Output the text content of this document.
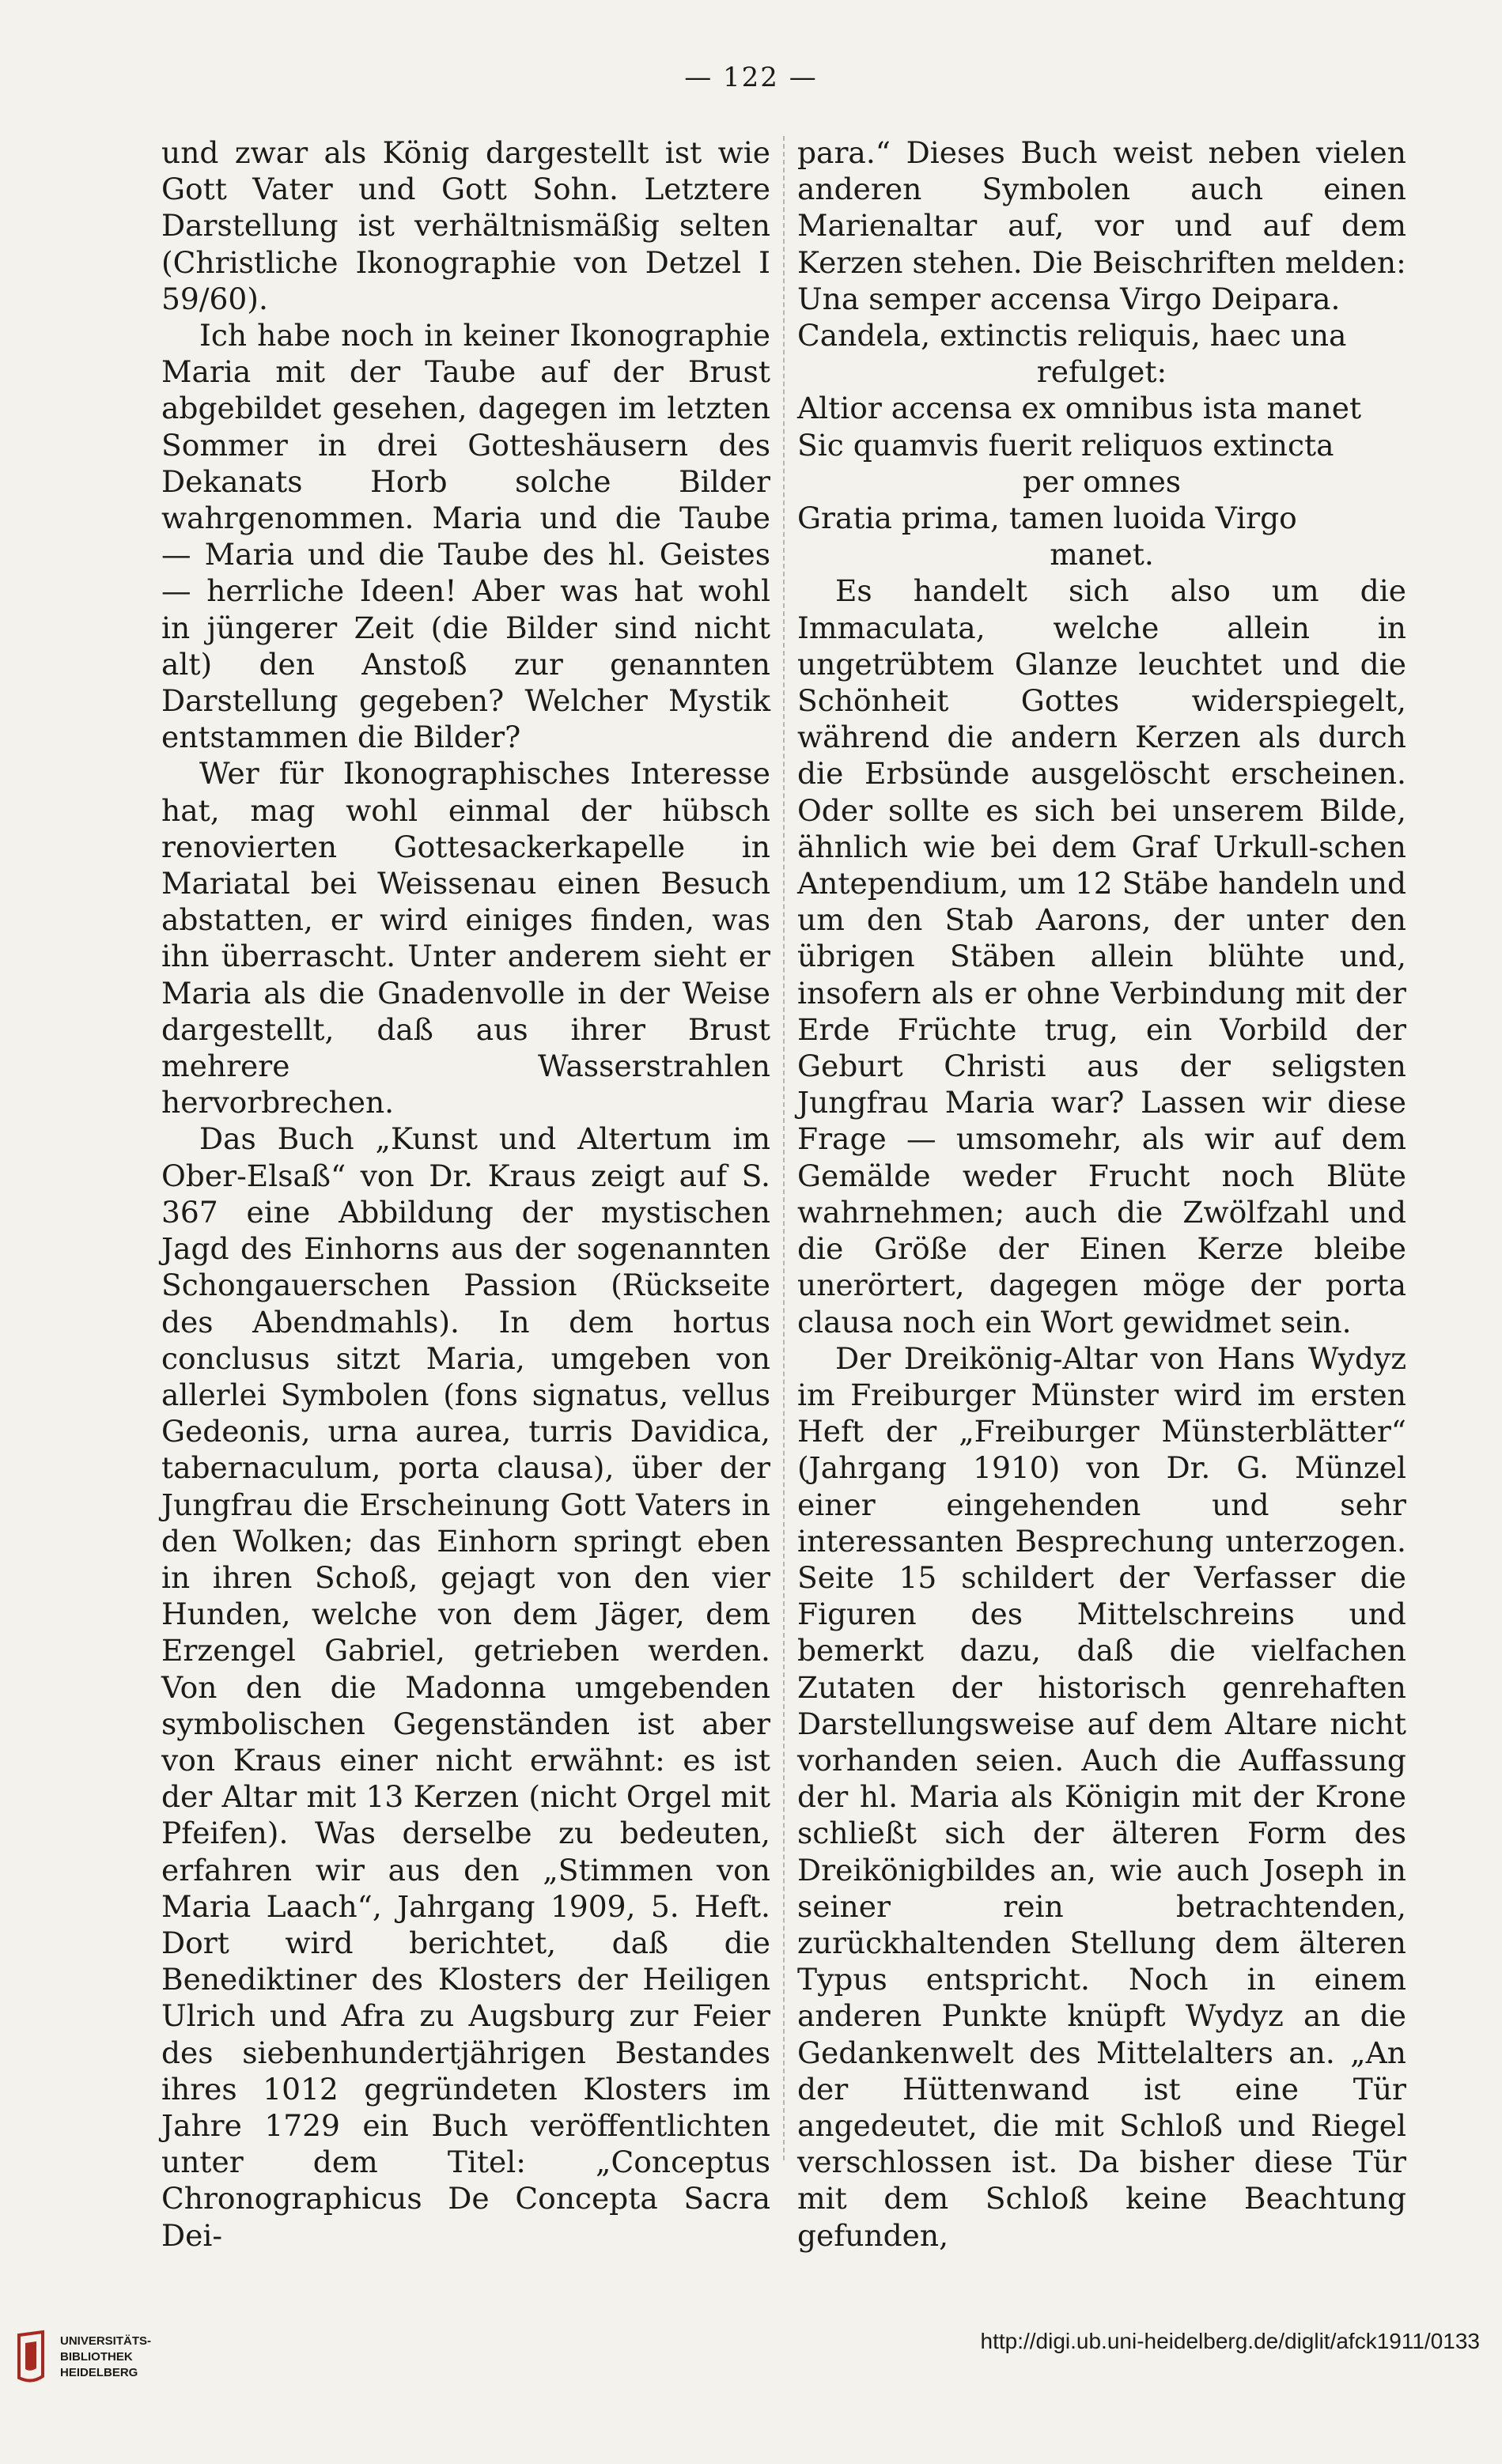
— 122 —

und zwar als König dargestellt ist wie Gott Vater und Gott Sohn. Letztere Darstellung ist verhältnismäßig selten (Christliche Ikonographie von Detzel I 59/60).

Ich habe noch in keiner Ikonographie Maria mit der Taube auf der Brust abgebildet gesehen, dagegen im letzten Sommer in drei Gotteshäusern des Dekanats Horb solche Bilder wahrgenommen. Maria und die Taube — Maria und die Taube des hl. Geistes — herrliche Ideen! Aber was hat wohl in jüngerer Zeit (die Bilder sind nicht alt) den Anstoß zur genannten Darstellung gegeben? Welcher Mystik entstammen die Bilder?

Wer für Ikonographisches Interesse hat, mag wohl einmal der hübsch renovierten Gottesackerkapelle in Mariatal bei Weissenau einen Besuch abstatten, er wird einiges finden, was ihn überrascht. Unter anderem sieht er Maria als die Gnadenvolle in der Weise dargestellt, daß aus ihrer Brust mehrere Wasserstrahlen hervorbrechen.

Das Buch „Kunst und Altertum im Ober-Elsaß“ von Dr. Kraus zeigt auf S. 367 eine Abbildung der mystischen Jagd des Einhorns aus der sogenannten Schongauerschen Passion (Rückseite des Abendmahls). In dem hortus conclusus sitzt Maria, umgeben von allerlei Symbolen (fons signatus, vellus Gedeonis, urna aurea, turris Davidica, tabernaculum, porta clausa), über der Jungfrau die Erscheinung Gott Vaters in den Wolken; das Einhorn springt eben in ihren Schoß, gejagt von den vier Hunden, welche von dem Jäger, dem Erzengel Gabriel, getrieben werden. Von den die Madonna umgebenden symbolischen Gegenständen ist aber von Kraus einer nicht erwähnt: es ist der Altar mit 13 Kerzen (nicht Orgel mit Pfeifen). Was derselbe zu bedeuten, erfahren wir aus den „Stimmen von Maria Laach“, Jahrgang 1909, 5. Heft. Dort wird berichtet, daß die Benediktiner des Klosters der Heiligen Ulrich und Afra zu Augsburg zur Feier des siebenhundertjährigen Bestandes ihres 1012 gegründeten Klosters im Jahre 1729 ein Buch veröffentlichten unter dem Titel: „Conceptus Chronographicus De Concepta Sacra Dei-

para.“ Dieses Buch weist neben vielen anderen Symbolen auch einen Marienaltar auf, vor und auf dem Kerzen stehen. Die Beischriften melden:

Una semper accensa Virgo Deipara.

Candela, extinctis reliquis, haec una

refulget:

Altior accensa ex omnibus ista manet

Sic quamvis fuerit reliquos extincta

per omnes

Gratia prima, tamen luoida Virgo

manet.

Es handelt sich also um die Immaculata, welche allein in ungetrübtem Glanze leuchtet und die Schönheit Gottes widerspiegelt, während die andern Kerzen als durch die Erbsünde ausgelöscht erscheinen. Oder sollte es sich bei unserem Bilde, ähnlich wie bei dem Graf Urkull-schen Antependium, um 12 Stäbe handeln und um den Stab Aarons, der unter den übrigen Stäben allein blühte und, insofern als er ohne Verbindung mit der Erde Früchte trug, ein Vorbild der Geburt Christi aus der seligsten Jungfrau Maria war? Lassen wir diese Frage — umsomehr, als wir auf dem Gemälde weder Frucht noch Blüte wahrnehmen; auch die Zwölfzahl und die Größe der Einen Kerze bleibe unerörtert, dagegen möge der porta clausa noch ein Wort gewidmet sein.

Der Dreikönig-Altar von Hans Wydyz im Freiburger Münster wird im ersten Heft der „Freiburger Münsterblätter“ (Jahrgang 1910) von Dr. G. Münzel einer eingehenden und sehr interessanten Besprechung unterzogen. Seite 15 schildert der Verfasser die Figuren des Mittelschreins und bemerkt dazu, daß die vielfachen Zutaten der historisch genrehaften Darstellungsweise auf dem Altare nicht vorhanden seien. Auch die Auffassung der hl. Maria als Königin mit der Krone schließt sich der älteren Form des Dreikönigbildes an, wie auch Joseph in seiner rein betrachtenden, zurückhaltenden Stellung dem älteren Typus entspricht. Noch in einem anderen Punkte knüpft Wydyz an die Gedankenwelt des Mittelalters an. „An der Hüttenwand ist eine Tür angedeutet, die mit Schloß und Riegel verschlossen ist. Da bisher diese Tür mit dem Schloß keine Beachtung gefunden,

UNIVERSITÄTS-
BIBLIOTHEK
HEIDELBERG
http://digi.ub.uni-heidelberg.de/diglit/afck1911/0133
